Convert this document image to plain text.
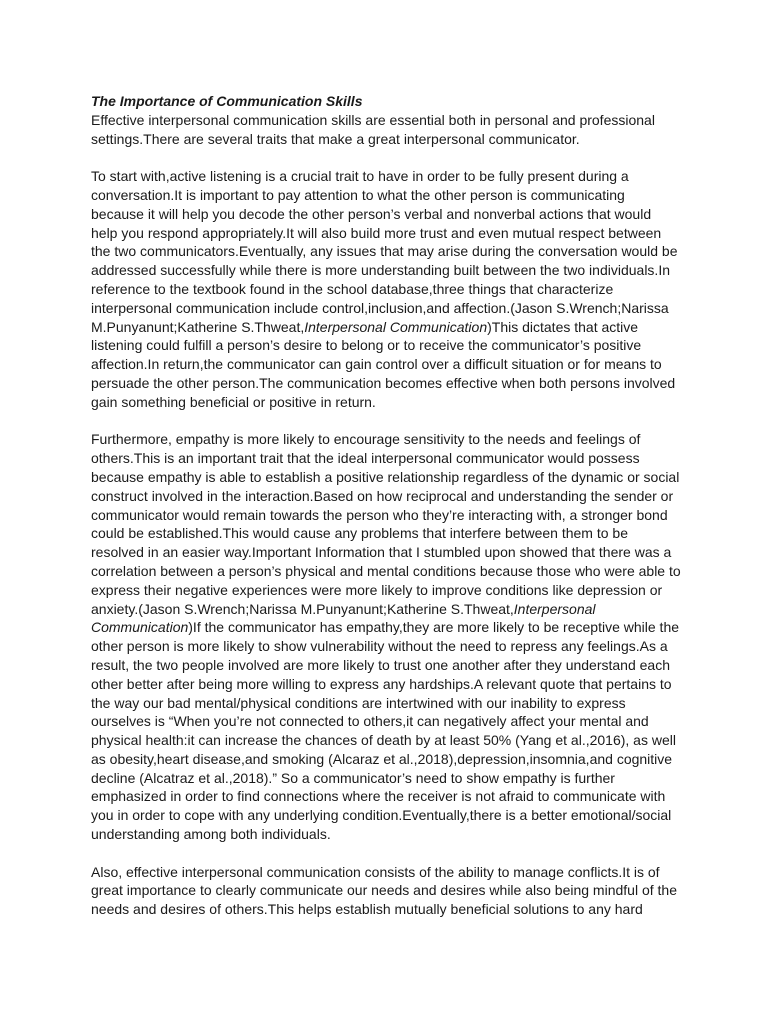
The Importance of Communication Skills

Effective interpersonal communication skills are essential both in personal and professional settings.There are several traits that make a great interpersonal communicator.

To start with,active listening is a crucial trait to have in order to be fully present during a conversation.It is important to pay attention to what the other person is communicating because it will help you decode the other person’s verbal and nonverbal actions that would help you respond appropriately.It will also build more trust and even mutual respect between the two communicators.Eventually, any issues that may arise during the conversation would be addressed successfully while there is more understanding built between the two individuals.In reference to the textbook found in the school database,three things that characterize interpersonal communication include control,inclusion,and affection.(Jason S.Wrench;Narissa M.Punyanunt;Katherine S.Thweat,Interpersonal Communication)This dictates that active listening could fulfill a person’s desire to belong or to receive the communicator’s positive affection.In return,the communicator can gain control over a difficult situation or for means to persuade the other person.The communication becomes effective when both persons involved gain something beneficial or positive in return.

Furthermore, empathy is more likely to encourage sensitivity to the needs and feelings of others.This is an important trait that the ideal interpersonal communicator would possess because empathy is able to establish a positive relationship regardless of the dynamic or social construct involved in the interaction.Based on how reciprocal and understanding the sender or communicator would remain towards the person who they’re interacting with, a stronger bond could be established.This would cause any problems that interfere between them to be resolved in an easier way.Important Information that I stumbled upon showed that there was a correlation between a person’s physical and mental conditions because those who were able to express their negative experiences were more likely to improve conditions like depression or anxiety.(Jason S.Wrench;Narissa M.Punyanunt;Katherine S.Thweat,Interpersonal Communication)If the communicator has empathy,they are more likely to be receptive while the other person is more likely to show vulnerability without the need to repress any feelings.As a result, the two people involved are more likely to trust one another after they understand each other better after being more willing to express any hardships.A relevant quote that pertains to the way our bad mental/physical conditions are intertwined with our inability to express ourselves is “When you’re not connected to others,it can negatively affect your mental and physical health:it can increase the chances of death by at least 50% (Yang et al.,2016), as well as obesity,heart disease,and smoking (Alcaraz et al.,2018),depression,insomnia,and cognitive decline (Alcatraz et al.,2018).” So a communicator’s need to show empathy is further emphasized in order to find connections where the receiver is not afraid to communicate with you in order to cope with any underlying condition.Eventually,there is a better emotional/social understanding among both individuals.

Also, effective interpersonal communication consists of the ability to manage conflicts.It is of great importance to clearly communicate our needs and desires while also being mindful of the needs and desires of others.This helps establish mutually beneficial solutions to any hard
